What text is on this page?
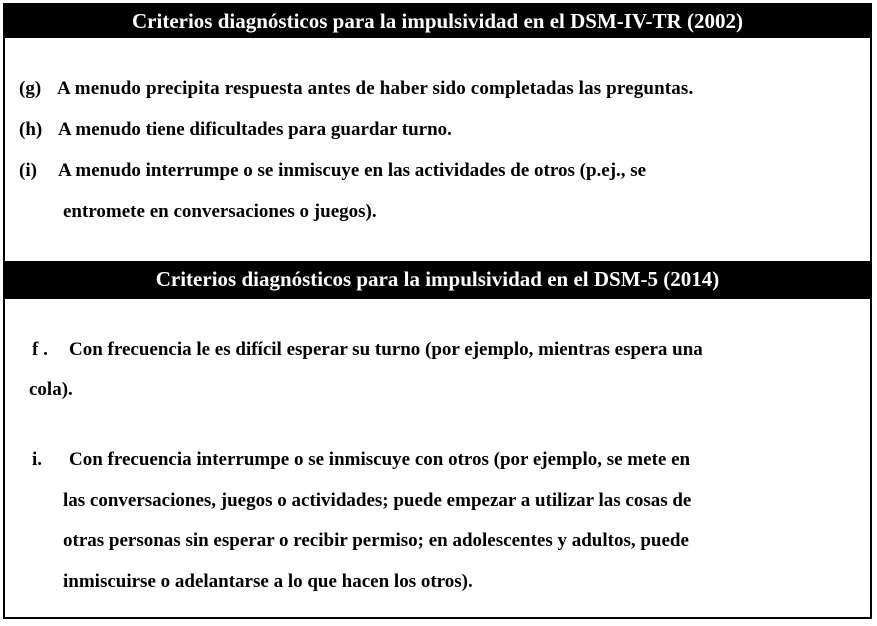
Criterios diagnósticos para la impulsividad en el DSM-IV-TR (2002)
(g) A menudo precipita respuesta antes de haber sido completadas las preguntas.
(h) A menudo tiene dificultades para guardar turno.
(i) A menudo interrumpe o se inmiscuye en las actividades de otros (p.ej., se
entromete en conversaciones o juegos).
Criterios diagnósticos para la impulsividad en el DSM-5 (2014)
f . Con frecuencia le es difícil esperar su turno (por ejemplo, mientras espera una
cola).
i. Con frecuencia interrumpe o se inmiscuye con otros (por ejemplo, se mete en
las conversaciones, juegos o actividades; puede empezar a utilizar las cosas de
otras personas sin esperar o recibir permiso; en adolescentes y adultos, puede
inmiscuirse o adelantarse a lo que hacen los otros).
